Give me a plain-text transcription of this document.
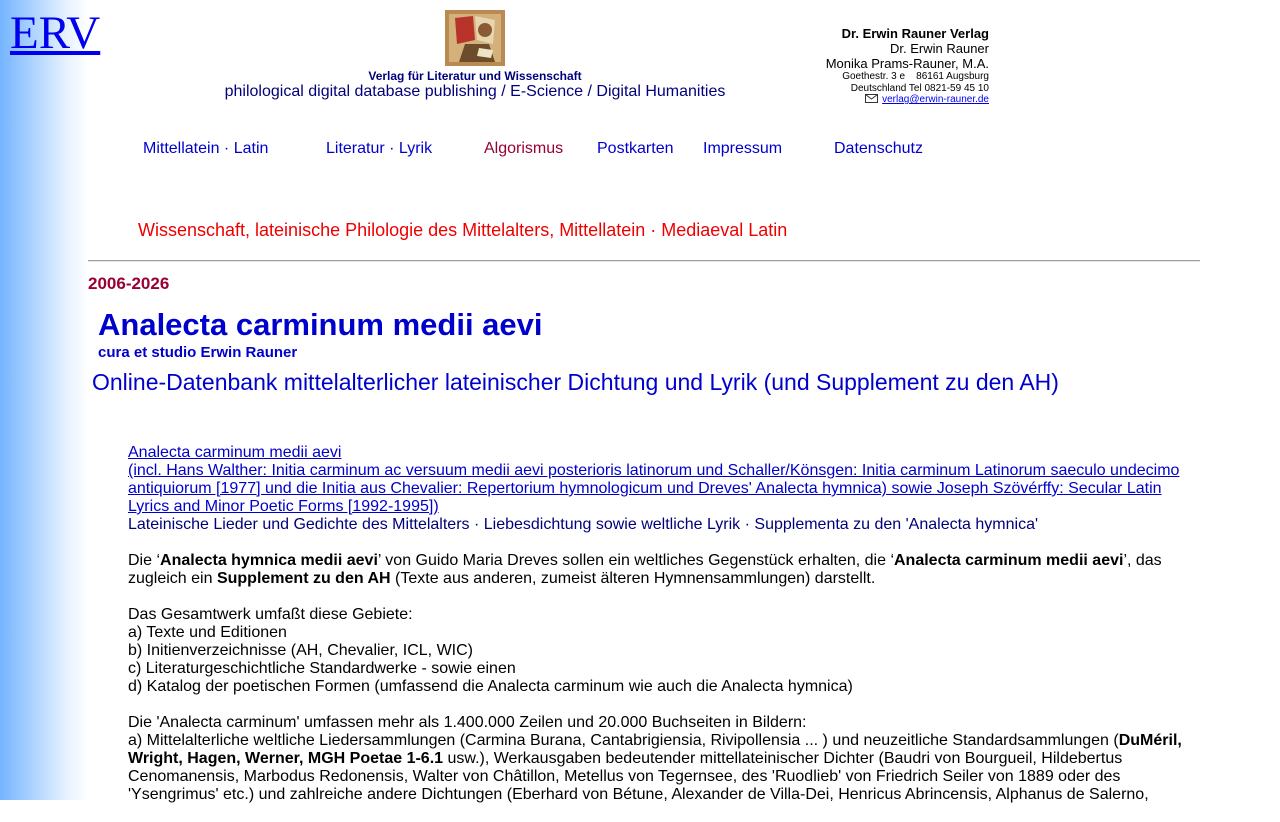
ERV
Verlag für Literatur und Wissenschaft
philological digital database publishing / E-Science / Digital Humanities
Dr. Erwin Rauner Verlag
Dr. Erwin Rauner
Monika Prams-Rauner, M.A.
Goethestr. 3 e    86161 Augsburg
Deutschland Tel 0821-59 45 10
verlag@erwin-rauner.de
Mittellatein · Latin	Literatur · Lyrik	Algorismus Postkarten Impressum	Datenschutz
Wissenschaft, lateinische Philologie des Mittelalters, Mittellatein · Mediaeval Latin
2006-2026
Analecta carminum medii aevi
cura et studio Erwin Rauner
Online-Datenbank mittelalterlicher lateinischer Dichtung und Lyrik (und Supplement zu den AH)

Analecta carminum medii aevi
(incl. Hans Walther: Initia carminum ac versuum medii aevi posterioris latinorum und Schaller/Könsgen: Initia carminum Latinorum saeculo undecimo antiquiorum [1977] und die Initia aus Chevalier: Repertorium hymnologicum und Dreves' Analecta hymnica) sowie Joseph Szövérffy: Secular Latin Lyrics and Minor Poetic Forms [1992-1995])
Lateinische Lieder und Gedichte des Mittelalters · Liebesdichtung sowie weltliche Lyrik · Supplementa zu den 'Analecta hymnica'

Die ‘Analecta hymnica medii aevi’ von Guido Maria Dreves sollen ein weltliches Gegenstück erhalten, die ‘Analecta carminum medii aevi’, das zugleich ein Supplement zu den AH (Texte aus anderen, zumeist älteren Hymnensammlungen) darstellt.

Das Gesamtwerk umfaßt diese Gebiete:
a) Texte und Editionen
b) Initienverzeichnisse (AH, Chevalier, ICL, WIC)
c) Literaturgeschichtliche Standardwerke - sowie einen
d) Katalog der poetischen Formen (umfassend die Analecta carminum wie auch die Analecta hymnica)

Die 'Analecta carminum' umfassen mehr als 1.400.000 Zeilen und 20.000 Buchseiten in Bildern:
a) Mittelalterliche weltliche Liedersammlungen (Carmina Burana, Cantabrigiensia, Rivipollensia ... ) und neuzeitliche Standardsammlungen (DuMéril, Wright, Hagen, Werner, MGH Poetae 1-6.1 usw.), Werkausgaben bedeutender mittellateinischer Dichter (Baudri von Bourgueil, Hildebertus Cenomanensis, Marbodus Redonensis, Walter von Châtillon, Metellus von Tegernsee, des 'Ruodlieb' von Friedrich Seiler von 1889 oder des 'Ysengrimus' etc.) und zahlreiche andere Dichtungen (Eberhard von Bétune, Alexander de Villa-Dei, Henricus Abrincensis, Alphanus de Salerno,
